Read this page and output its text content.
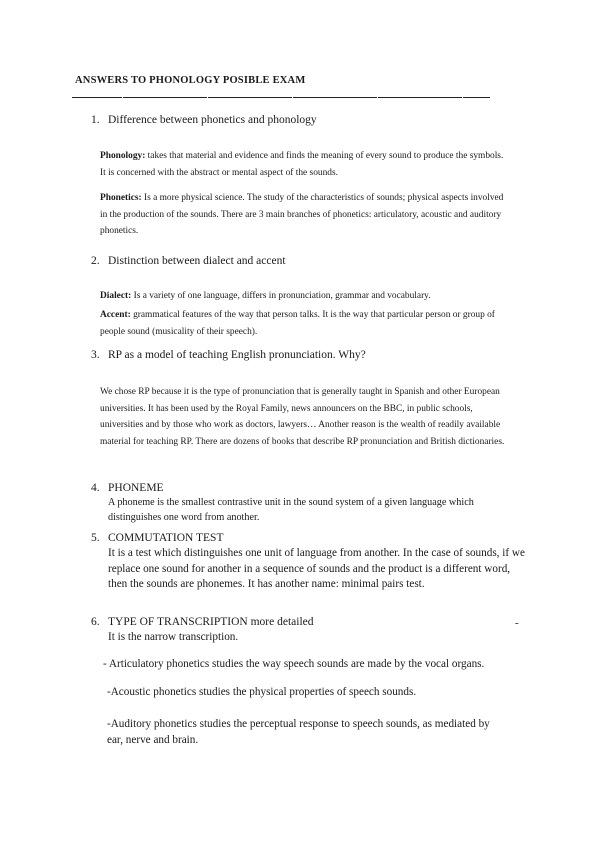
ANSWERS TO PHONOLOGY POSIBLE EXAM
1. Difference between phonetics and phonology
Phonology: takes that material and evidence and finds the meaning of every sound to produce the symbols. It is concerned with the abstract or mental aspect of the sounds.
Phonetics: Is a more physical science. The study of the characteristics of sounds; physical aspects involved in the production of the sounds. There are 3 main branches of phonetics: articulatory, acoustic and auditory phonetics.
2. Distinction between dialect and accent
Dialect: Is a variety of one language, differs in pronunciation, grammar and vocabulary.
Accent: grammatical features of the way that person talks. It is the way that particular person or group of people sound (musicality of their speech).
3. RP as a model of teaching English pronunciation. Why?
We chose RP because it is the type of pronunciation that is generally taught in Spanish and other European universities. It has been used by the Royal Family, news announcers on the BBC, in public schools, universities and by those who work as doctors, lawyers… Another reason is the wealth of readily available material for teaching RP. There are dozens of books that describe RP pronunciation and British dictionaries.
4. PHONEME
A phoneme is the smallest contrastive unit in the sound system of a given language which distinguishes one word from another.
5. COMMUTATION TEST
It is a test which distinguishes one unit of language from another. In the case of sounds, if we replace one sound for another in a sequence of sounds and the product is a different word, then the sounds are phonemes. It has another name: minimal pairs test.
6. TYPE OF TRANSCRIPTION more detailed	-
It is the narrow transcription.
- Articulatory phonetics studies the way speech sounds are made by the vocal organs.
-Acoustic phonetics studies the physical properties of speech sounds.
-Auditory phonetics studies the perceptual response to speech sounds, as mediated by ear, nerve and brain.
